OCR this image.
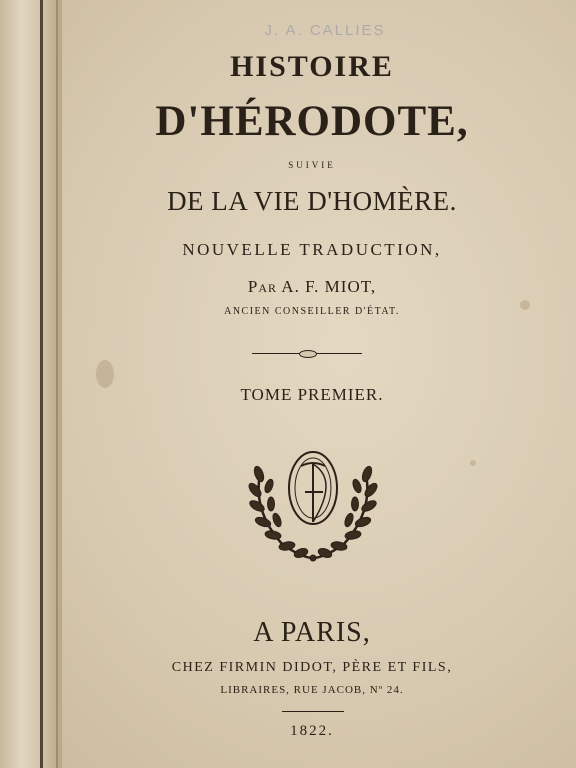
J. A. CALLIES
HISTOIRE
D'HÉRODOTE,
SUIVIE
DE LA VIE D'HOMÈRE.
NOUVELLE TRADUCTION,
Par A. F. MIOT,
ANCIEN CONSEILLER D'ÉTAT.
TOME PREMIER.
A PARIS,
CHEZ FIRMIN DIDOT, PÈRE ET FILS,
LIBRAIRES, RUE JACOB, Nº 24.
1822.
